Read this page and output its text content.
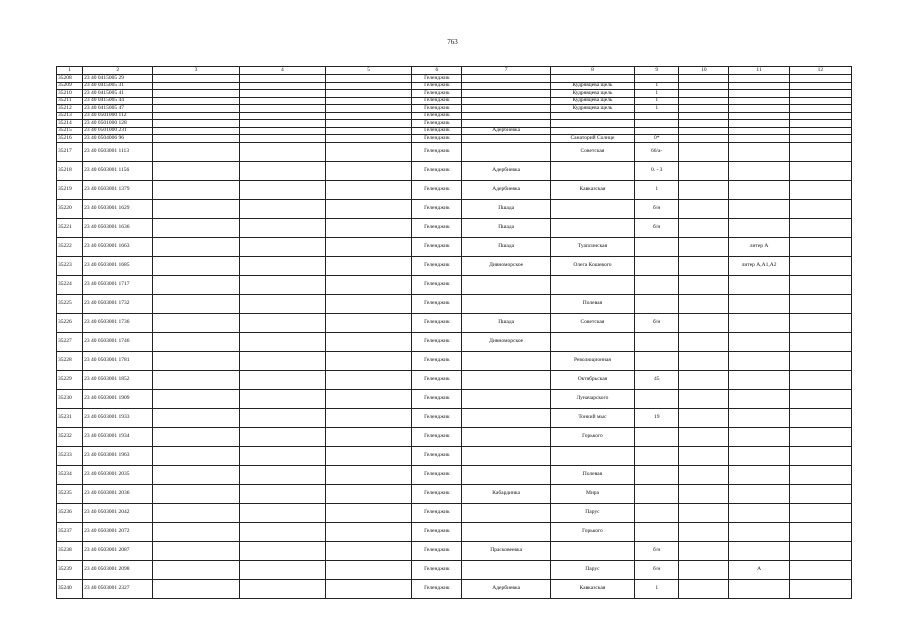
763
1	2	3	4	5	6	7	8	9	10	11	12
35208	23 40 0415005 29				Геленджик						
35209	23 40 0415005 31				Геленджик		Кудрявцева щель	1			
35210	23 40 0415005 41				Геленджик		Кудрявцева щель	1			
35211	23 40 0415005 44				Геленджик		Кудрявцева щель	1			
35212	23 40 0415005 47				Геленджик		Кудрявцева щель	1			
35213	23 40 0501000 112				Геленджик						
35214	23 40 0501000 128				Геленджик						
35215	23 40 0501000 231				Геленджик	Адербиевка					
35216	23 40 0504006 96				Геленджик		Санаторий Солнце	0*			
35217	23 40 0503001 1113				Геленджик		Советская	66/а-			
35218	23 40 0503001 1156				Геленджик	Адербиевка		0. - 3			
35219	23 40 0503001 1379				Геленджик	Адербиевка	Кавказская	1			
35220	23 40 0503001 1629				Геленджик	Пшада		б/н			
35221	23 40 0503001 1636				Геленджик	Пшада		б/н			
35222	23 40 0503001 1663				Геленджик	Пшада	Туапсинская			литер А	
35223	23 40 0503001 1685				Геленджик	Дивноморское	Олега Кошевого			литер А,А1,А2	
35224	23 40 0503001 1717				Геленджик						
35225	23 40 0503001 1732				Геленджик		Полевая				
35226	23 40 0503001 1736				Геленджик	Пшада	Советская	б/н			
35227	23 40 0503001 1746				Геленджик	Дивноморское					
35228	23 40 0503001 1781				Геленджик		Революционная				
35229	23 40 0503001 1852				Геленджик		Октябрьская	45			
35230	23 40 0503001 1909				Геленджик		Луначарского				
35231	23 40 0503001 1933				Геленджик		Тонкий мыс	19			
35232	23 40 0503001 1934				Геленджик		Горького				
35233	23 40 0503001 1963				Геленджик						
35234	23 40 0503001 2035				Геленджик		Полевая				
35235	23 40 0503001 2036				Геленджик	Кабардинка	Мира				
35236	23 40 0503001 2042				Геленджик		Парус				
35237	23 40 0503001 2072				Геленджик		Горького				
35238	23 40 0503001 2087				Геленджик	Прасковеевка		б/н			
35239	23 40 0503001 2098				Геленджик		Парус	б/н		А	
35240	23 40 0503001 2327				Геленджик	Адербиевка	Кавказская	1			
